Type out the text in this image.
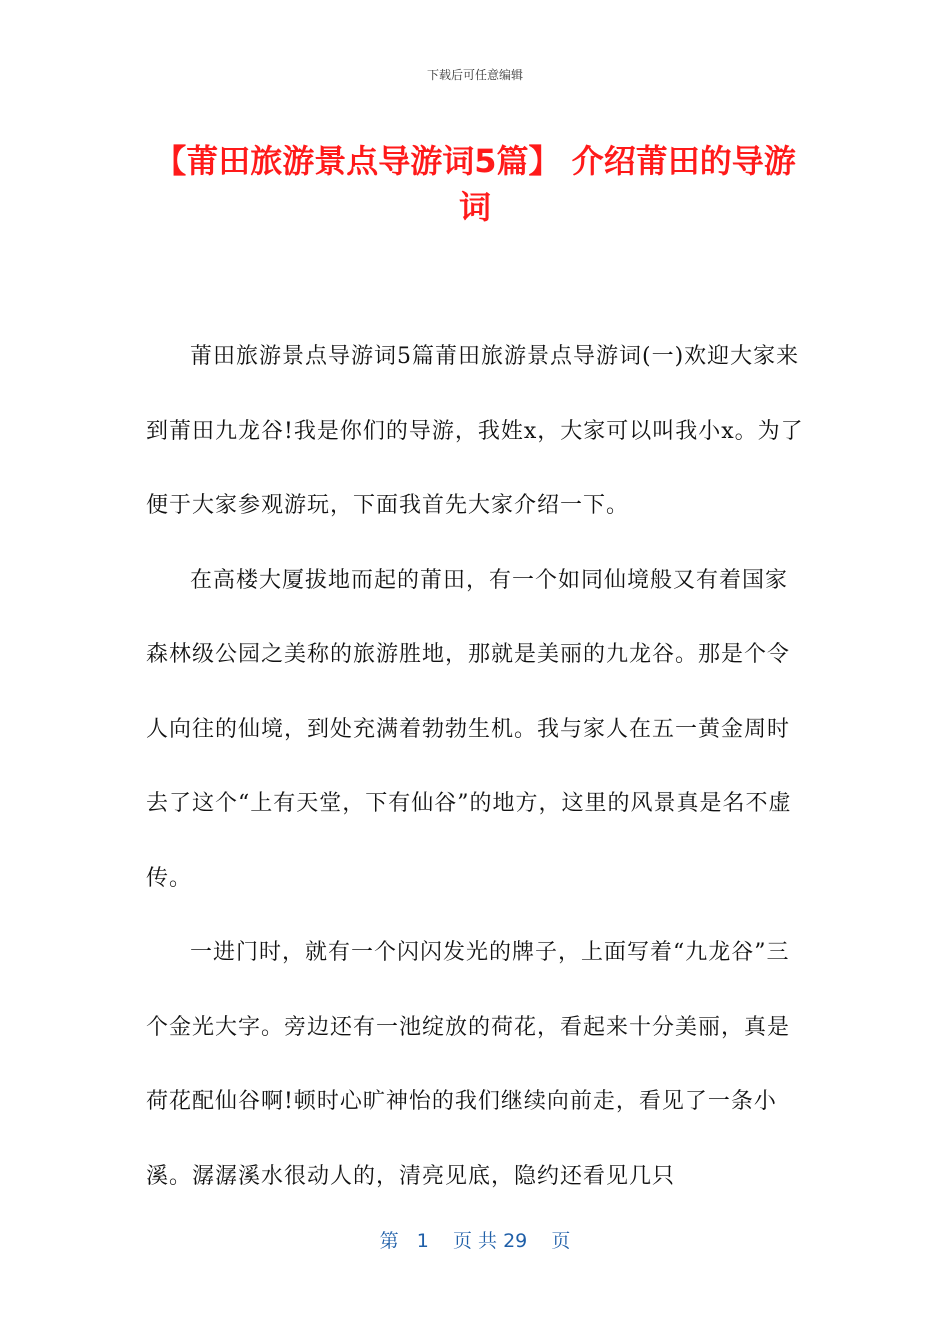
下载后可任意编辑
【莆田旅游景点导游词5篇】 介绍莆田的导游词

莆田旅游景点导游词5篇莆田旅游景点导游词(一)欢迎大家来到莆田九龙谷!我是你们的导游，我姓x，大家可以叫我小x。为了便于大家参观游玩，下面我首先大家介绍一下。

在高楼大厦拔地而起的莆田，有一个如同仙境般又有着国家森林级公园之美称的旅游胜地，那就是美丽的九龙谷。那是个令人向往的仙境，到处充满着勃勃生机。我与家人在五一黄金周时去了这个“上有天堂，下有仙谷”的地方，这里的风景真是名不虚传。

一进门时，就有一个闪闪发光的牌子，上面写着“九龙谷”三个金光大字。旁边还有一池绽放的荷花，看起来十分美丽，真是荷花配仙谷啊!顿时心旷神怡的我们继续向前走，看见了一条小溪。潺潺溪水很动人的，清亮见底，隐约还看见几只

第 1 页 共 29 页
